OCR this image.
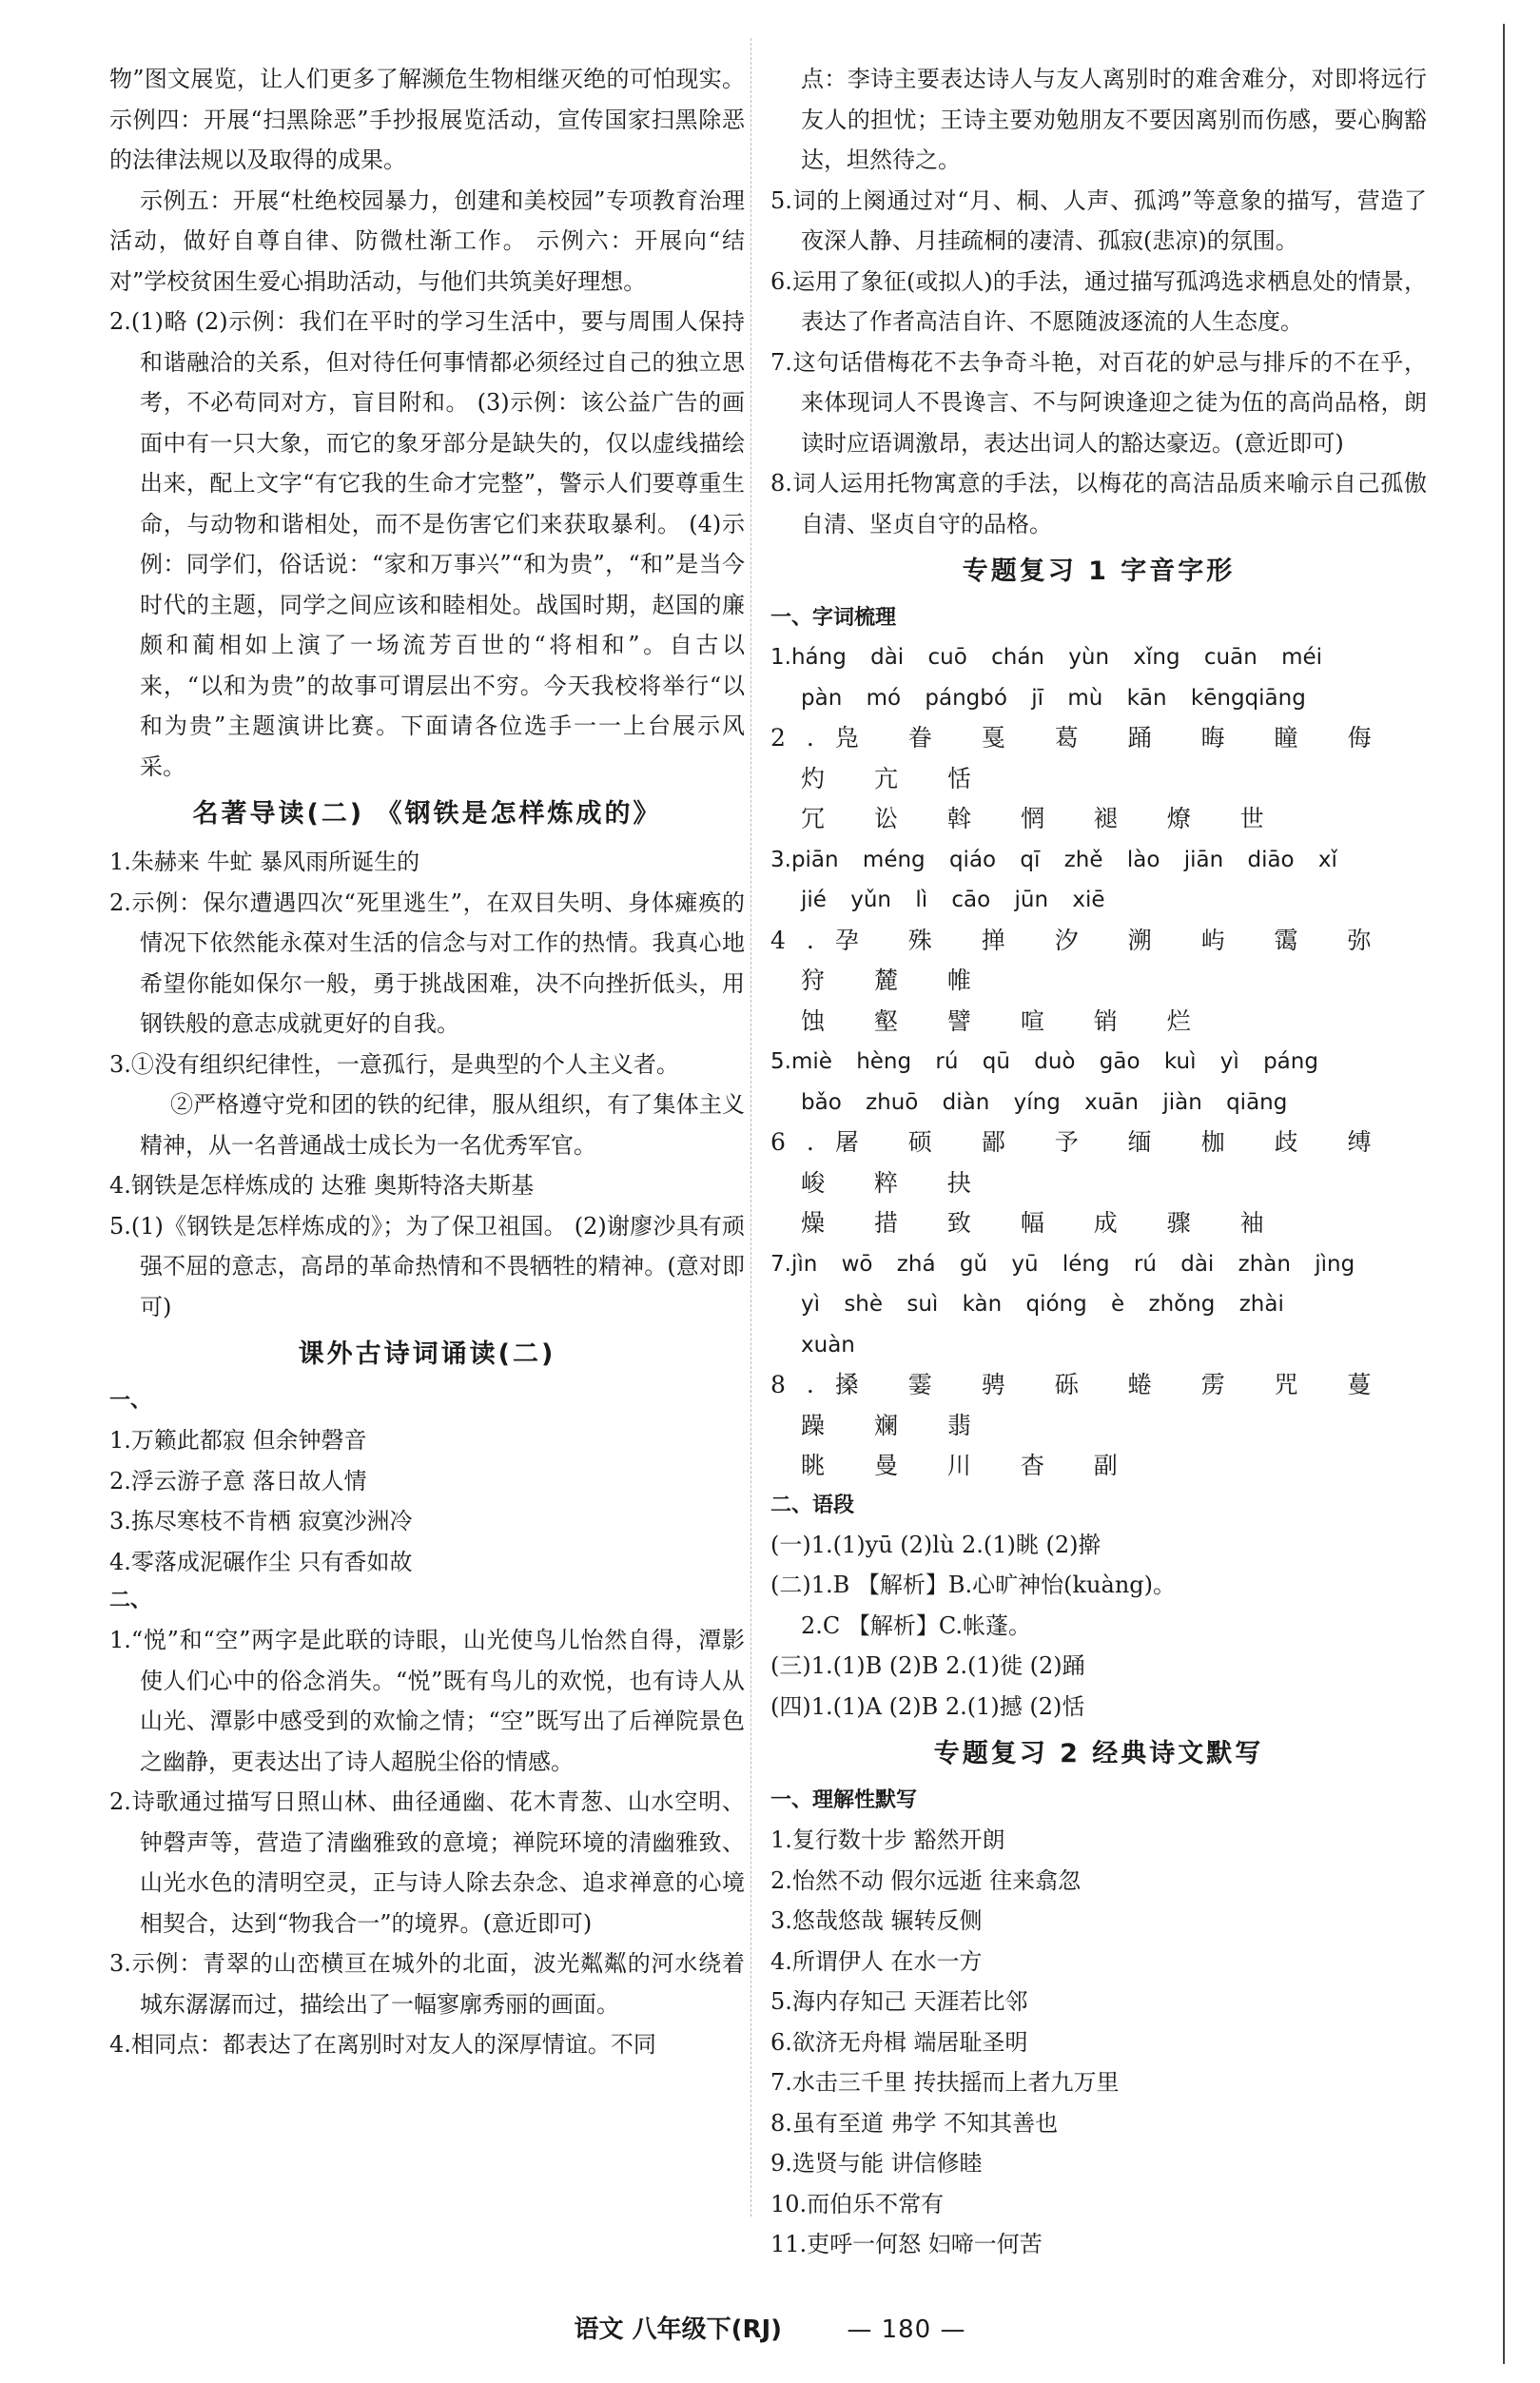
物”图文展览，让人们更多了解濒危生物相继灭绝的可怕现实。 示例四：开展“扫黑除恶”手抄报展览活动，宣传国家扫黑除恶的法律法规以及取得的成果。

示例五：开展“杜绝校园暴力，创建和美校园”专项教育治理活动，做好自尊自律、防微杜渐工作。 示例六：开展向“结对”学校贫困生爱心捐助活动，与他们共筑美好理想。

2.(1)略 (2)示例：我们在平时的学习生活中，要与周围人保持和谐融洽的关系，但对待任何事情都必须经过自己的独立思考，不必苟同对方，盲目附和。 (3)示例：该公益广告的画面中有一只大象，而它的象牙部分是缺失的，仅以虚线描绘出来，配上文字“有它我的生命才完整”，警示人们要尊重生命，与动物和谐相处，而不是伤害它们来获取暴利。 (4)示例：同学们，俗话说：“家和万事兴”“和为贵”，“和”是当今时代的主题，同学之间应该和睦相处。战国时期，赵国的廉颇和蔺相如上演了一场流芳百世的“将相和”。自古以来，“以和为贵”的故事可谓层出不穷。今天我校将举行“以和为贵”主题演讲比赛。下面请各位选手一一上台展示风采。

名著导读(二) 《钢铁是怎样炼成的》

1.朱赫来 牛虻 暴风雨所诞生的

2.示例：保尔遭遇四次“死里逃生”，在双目失明、身体瘫痪的情况下依然能永葆对生活的信念与对工作的热情。我真心地希望你能如保尔一般，勇于挑战困难，决不向挫折低头，用钢铁般的意志成就更好的自我。

3.①没有组织纪律性，一意孤行，是典型的个人主义者。

②严格遵守党和团的铁的纪律，服从组织，有了集体主义精神，从一名普通战士成长为一名优秀军官。

4.钢铁是怎样炼成的 达雅 奥斯特洛夫斯基

5.(1)《钢铁是怎样炼成的》；为了保卫祖国。 (2)谢廖沙具有顽强不屈的意志，高昂的革命热情和不畏牺牲的精神。(意对即可)

课外古诗词诵读(二)

一、

1.万籁此都寂 但余钟磬音

2.浮云游子意 落日故人情

3.拣尽寒枝不肯栖 寂寞沙洲冷

4.零落成泥碾作尘 只有香如故

二、

1.“悦”和“空”两字是此联的诗眼，山光使鸟儿怡然自得，潭影使人们心中的俗念消失。“悦”既有鸟儿的欢悦，也有诗人从山光、潭影中感受到的欢愉之情；“空”既写出了后禅院景色之幽静，更表达出了诗人超脱尘俗的情感。

2.诗歌通过描写日照山林、曲径通幽、花木青葱、山水空明、钟磬声等，营造了清幽雅致的意境；禅院环境的清幽雅致、山光水色的清明空灵，正与诗人除去杂念、追求禅意的心境相契合，达到“物我合一”的境界。(意近即可)

3.示例：青翠的山峦横亘在城外的北面，波光粼粼的河水绕着城东潺潺而过，描绘出了一幅寥廓秀丽的画面。

4.相同点：都表达了在离别时对友人的深厚情谊。不同

点：李诗主要表达诗人与友人离别时的难舍难分，对即将远行友人的担忧；王诗主要劝勉朋友不要因离别而伤感，要心胸豁达，坦然待之。

5.词的上阕通过对“月、桐、人声、孤鸿”等意象的描写，营造了夜深人静、月挂疏桐的凄清、孤寂(悲凉)的氛围。

6.运用了象征(或拟人)的手法，通过描写孤鸿选求栖息处的情景，表达了作者高洁自许、不愿随波逐流的人生态度。

7.这句话借梅花不去争奇斗艳，对百花的妒忌与排斥的不在乎，来体现词人不畏谗言、不与阿谀逢迎之徒为伍的高尚品格，朗读时应语调激昂，表达出词人的豁达豪迈。(意近即可)

8.词人运用托物寓意的手法，以梅花的高洁品质来喻示自己孤傲自清、坚贞自守的品格。

专题复习 1 字音字形

一、字词梳理

1.háng dài cuō chán yùn xǐng cuān méi

pàn mó pángbó jī mù kān kēngqiāng

2.凫 眷 戛 葛 踊 晦 瞳 侮 灼 亢 恬

冗 讼 斡 惘 褪 燎 世

3.piān méng qiáo qī zhě lào jiān diāo xǐ

jié yǔn lì cāo jūn xiē

4.孕 殊 掸 汐 溯 屿 霭 弥 狩 麓 帷

蚀 壑 譬 喧 销 烂

5.miè hèng rú qū duò gāo kuì yì páng

bǎo zhuō diàn yíng xuān jiàn qiāng

6.屠 硕 鄙 予 缅 枷 歧 缚 峻 粹 抉

燥 措 致 幅 成 骤 袖

7.jìn wō zhá gǔ yū léng rú dài zhàn jìng

yì shè suì kàn qióng è zhǒng zhài

xuàn

8.搡 霎 骋 砾 蜷 雳 咒 蔓 躁 斓 翡

眺 曼 川 杳 副

二、语段

(一)1.(1)yū (2)lù 2.(1)眺 (2)擀

(二)1.B 【解析】B.心旷神怡(kuàng)。

2.C 【解析】C.帐蓬。

(三)1.(1)B (2)B 2.(1)徙 (2)踊

(四)1.(1)A (2)B 2.(1)撼 (2)恬

专题复习 2 经典诗文默写

一、理解性默写

1.复行数十步 豁然开朗

2.怡然不动 假尔远逝 往来翕忽

3.悠哉悠哉 辗转反侧

4.所谓伊人 在水一方

5.海内存知己 天涯若比邻

6.欲济无舟楫 端居耻圣明

7.水击三千里 抟扶摇而上者九万里

8.虽有至道 弗学 不知其善也

9.选贤与能 讲信修睦

10.而伯乐不常有

11.吏呼一何怒 妇啼一何苦

语文 八年级下(RJ)	— 180 —
